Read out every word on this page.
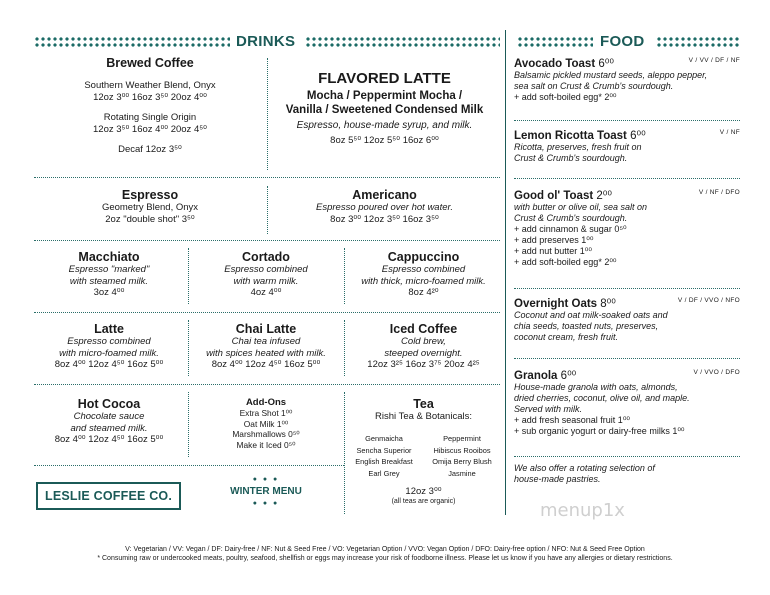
DRINKS	FOOD
Brewed Coffee
Southern Weather Blend, Onyx
12oz 3⁰⁰ 16oz 3⁵⁰ 20oz 4⁰⁰
Rotating Single Origin
12oz 3⁵⁰ 16oz 4⁰⁰ 20oz 4⁵⁰
Decaf 12oz 3⁵⁰
FLAVORED LATTE
Mocha / Peppermint Mocha /
Vanilla / Sweetened Condensed Milk
Espresso, house-made syrup, and milk.
8oz 5⁵⁰ 12oz 5⁵⁰ 16oz 6⁰⁰
Espresso
Geometry Blend, Onyx
2oz "double shot" 3⁵⁰
Americano
Espresso poured over hot water.
8oz 3⁰⁰ 12oz 3⁵⁰ 16oz 3⁵⁰
Macchiato
Espresso "marked"
with steamed milk.
3oz 4⁰⁰
Cortado
Espresso combined
with warm milk.
4oz 4⁰⁰
Cappuccino
Espresso combined
with thick, micro-foamed milk.
8oz 4²⁰
Latte
Espresso combined
with micro-foamed milk.
8oz 4⁰⁰ 12oz 4⁵⁰ 16oz 5⁰⁰
Chai Latte
Chai tea infused
with spices heated with milk.
8oz 4⁰⁰ 12oz 4⁵⁰ 16oz 5⁰⁰
Iced Coffee
Cold brew,
steeped overnight.
12oz 3²⁵ 16oz 3⁷⁵ 20oz 4²⁵
Hot Cocoa
Chocolate sauce
and steamed milk.
8oz 4⁰⁰ 12oz 4⁵⁰ 16oz 5⁰⁰
Add-Ons
Extra Shot 1⁰⁰
Oat Milk 1⁰⁰
Marshmallows 0⁵⁰
Make it Iced 0⁵⁰
Tea
Rishi Tea & Botanicals:
Genmaicha
Sencha Superior
English Breakfast
Earl Grey
Peppermint
Hibiscus Rooibos
Omija Berry Blush
Jasmine
12oz 3⁰⁰
(all teas are organic)
LESLIE COFFEE CO.
● ● ●
WINTER MENU
● ● ●
Avocado Toast 6⁰⁰	V / VV / DF / NF
Balsamic pickled mustard seeds, aleppo pepper,
sea salt on Crust & Crumb's sourdough.
+ add soft-boiled egg* 2⁰⁰
Lemon Ricotta Toast 6⁰⁰	V / NF
Ricotta, preserves, fresh fruit on
Crust & Crumb's sourdough.
Good ol' Toast 2⁰⁰	V / NF / DFO
with butter or olive oil, sea salt on
Crust & Crumb's sourdough.
+ add cinnamon & sugar 0⁵⁰
+ add preserves 1⁰⁰
+ add nut butter 1⁰⁰
+ add soft-boiled egg* 2⁰⁰
Overnight Oats 8⁰⁰	V / DF / VVO / NFO
Coconut and oat milk-soaked oats and
chia seeds, toasted nuts, preserves,
coconut cream, fresh fruit.
Granola 6⁰⁰	V / VVO / DFO
House-made granola with oats, almonds,
dried cherries, coconut, olive oil, and maple.
Served with milk.
+ add fresh seasonal fruit 1⁰⁰
+ sub organic yogurt or dairy-free milks 1⁰⁰
We also offer a rotating selection of
house-made pastries.
menup1x
V: Vegetarian / VV: Vegan / DF: Dairy-free / NF: Nut & Seed Free / VO: Vegetarian Option / VVO: Vegan Option / DFO: Dairy-free option / NFO: Nut & Seed Free Option
* Consuming raw or undercooked meats, poultry, seafood, shellfish or eggs may increase your risk of foodborne illness. Please let us know if you have any allergies or dietary restrictions.
